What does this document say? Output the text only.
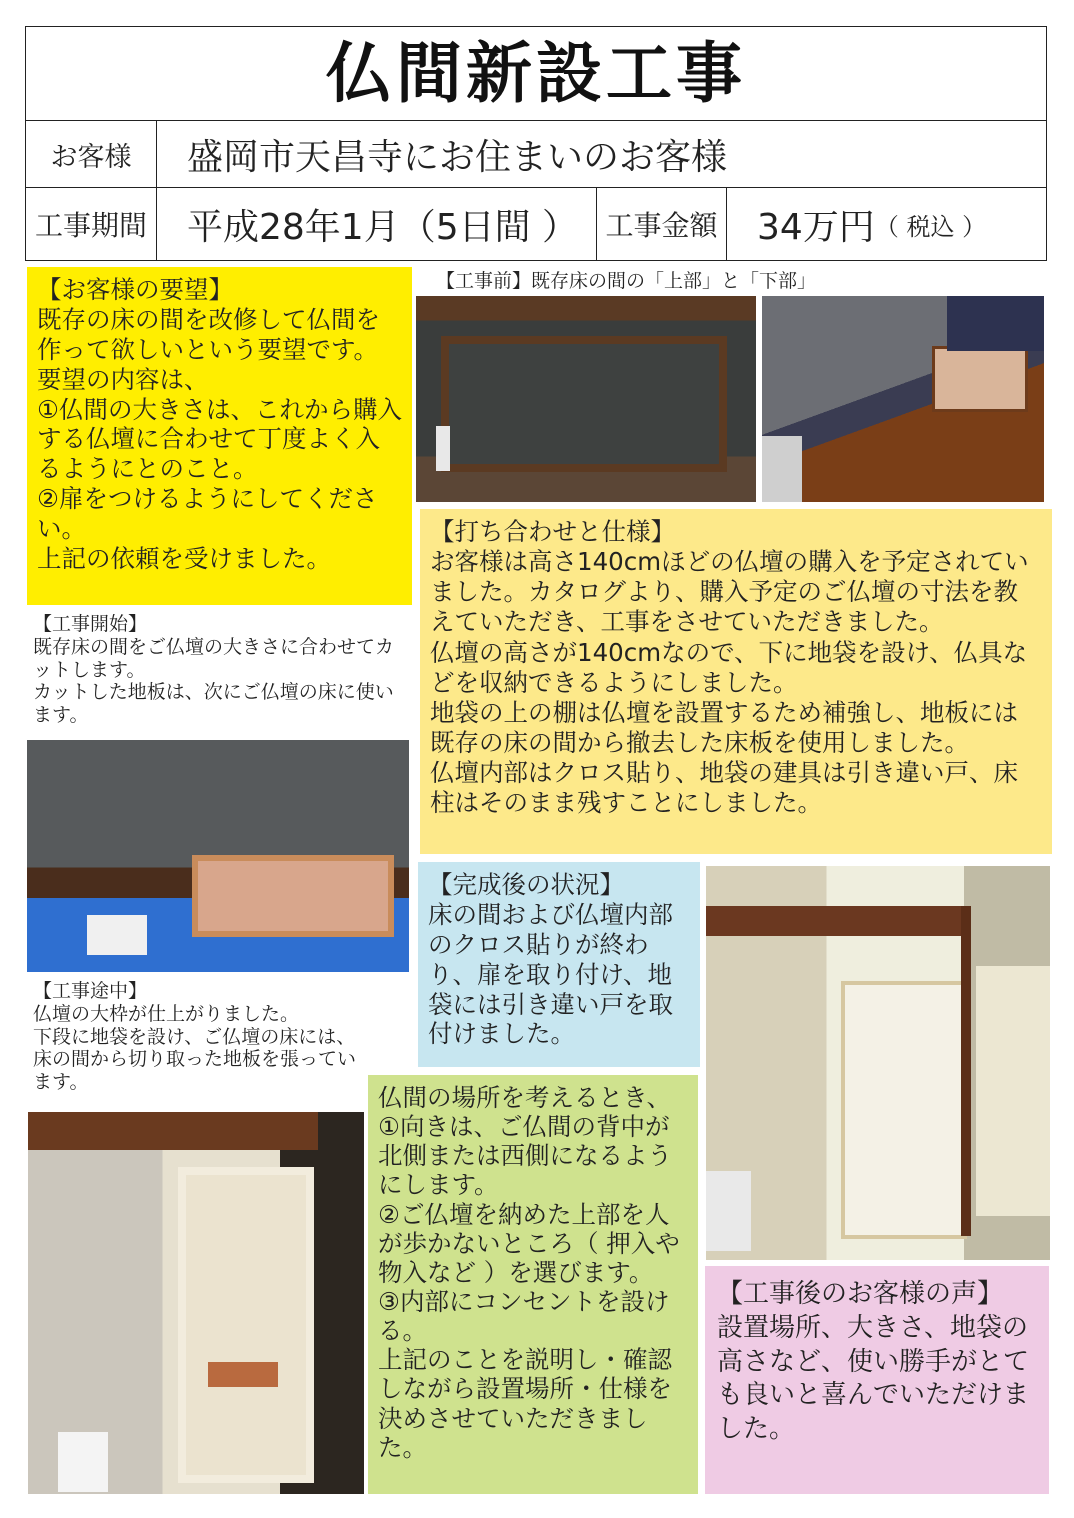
仏間新設工事
お客様	盛岡市天昌寺にお住まいのお客様
工事期間	平成28年1月（5日間 ） 工事金額 34万円 （ 税込 ）

【お客様の要望】

既存の床の間を改修して仏間を作って欲しいという要望です。

要望の内容は、

①仏間の大きさは、これから購入する仏壇に合わせて丁度よく入るようにとのこと。

②扉をつけるようにしてください。

上記の依頼を受けました。

【工事前】既存床の間の「上部」と「下部」
【工事開始】
既存床の間をご仏壇の大きさに合わせてカットします。
カットした地板は、次にご仏壇の床に使います。

【打ち合わせと仕様】

お客様は高さ140cmほどの仏壇の購入を予定されていました。カタログより、購入予定のご仏壇の寸法を教えていただき、工事をさせていただきました。

仏壇の高さが140cmなので、下に地袋を設け、仏具などを収納できるようにしました。

地袋の上の棚は仏壇を設置するため補強し、地板には既存の床の間から撤去した床板を使用しました。

仏壇内部はクロス貼り、地袋の建具は引き違い戸、床柱はそのまま残すことにしました。

【工事途中】
仏壇の大枠が仕上がりました。
下段に地袋を設け、ご仏壇の床には、床の間から切り取った地板を張っています。

【完成後の状況】

床の間および仏壇内部のクロス貼りが終わり、扉を取り付け、地袋には引き違い戸を取付けました。

仏間の場所を考えるとき、

①向きは、ご仏間の背中が北側または西側になるようにします。

②ご仏壇を納めた上部を人が歩かないところ（ 押入や物入など ）を選びます。

③内部にコンセントを設ける。

上記のことを説明し・確認しながら設置場所・仕様を決めさせていただきました。

【工事後のお客様の声】

設置場所、大きさ、地袋の高さなど、使い勝手がとても良いと喜んでいただけました。
